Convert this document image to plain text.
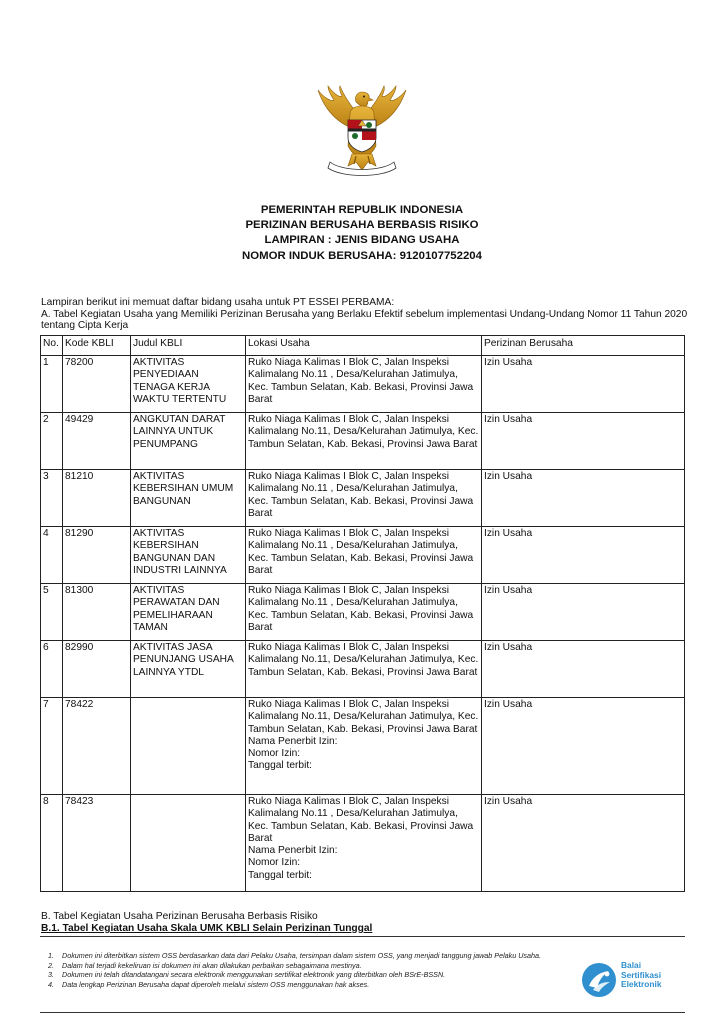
PEMERINTAH REPUBLIK INDONESIA
PERIZINAN BERUSAHA BERBASIS RISIKO
LAMPIRAN : JENIS BIDANG USAHA
NOMOR INDUK BERUSAHA: 9120107752204
Lampiran berikut ini memuat daftar bidang usaha untuk PT ESSEI PERBAMA:
A. Tabel Kegiatan Usaha yang Memiliki Perizinan Berusaha yang Berlaku Efektif sebelum implementasi Undang-Undang Nomor 11 Tahun 2020 tentang Cipta Kerja
No.	Kode KBLI	Judul KBLI	Lokasi Usaha	Perizinan Berusaha
1	78200	AKTIVITAS PENYEDIAAN TENAGA KERJA WAKTU TERTENTU	Ruko Niaga Kalimas I Blok C, Jalan Inspeksi Kalimalang No.11 , Desa/Kelurahan Jatimulya, Kec. Tambun Selatan, Kab. Bekasi, Provinsi Jawa Barat	Izin Usaha
2	49429	ANGKUTAN DARAT LAINNYA UNTUK PENUMPANG	Ruko Niaga Kalimas I Blok C, Jalan Inspeksi Kalimalang No.11, Desa/Kelurahan Jatimulya, Kec. Tambun Selatan, Kab. Bekasi, Provinsi Jawa Barat	Izin Usaha
3	81210	AKTIVITAS KEBERSIHAN UMUM BANGUNAN	Ruko Niaga Kalimas I Blok C, Jalan Inspeksi Kalimalang No.11 , Desa/Kelurahan Jatimulya, Kec. Tambun Selatan, Kab. Bekasi, Provinsi Jawa Barat	Izin Usaha
4	81290	AKTIVITAS KEBERSIHAN BANGUNAN DAN INDUSTRI LAINNYA	Ruko Niaga Kalimas I Blok C, Jalan Inspeksi Kalimalang No.11 , Desa/Kelurahan Jatimulya, Kec. Tambun Selatan, Kab. Bekasi, Provinsi Jawa Barat	Izin Usaha
5	81300	AKTIVITAS PERAWATAN DAN PEMELIHARAAN TAMAN	Ruko Niaga Kalimas I Blok C, Jalan Inspeksi Kalimalang No.11 , Desa/Kelurahan Jatimulya, Kec. Tambun Selatan, Kab. Bekasi, Provinsi Jawa Barat	Izin Usaha
6	82990	AKTIVITAS JASA PENUNJANG USAHA LAINNYA YTDL	Ruko Niaga Kalimas I Blok C, Jalan Inspeksi Kalimalang No.11, Desa/Kelurahan Jatimulya, Kec. Tambun Selatan, Kab. Bekasi, Provinsi Jawa Barat	Izin Usaha
7	78422		Ruko Niaga Kalimas I Blok C, Jalan Inspeksi Kalimalang No.11, Desa/Kelurahan Jatimulya, Kec. Tambun Selatan, Kab. Bekasi, Provinsi Jawa Barat
Nama Penerbit Izin:
Nomor Izin:
Tanggal terbit:	Izin Usaha
8	78423		Ruko Niaga Kalimas I Blok C, Jalan Inspeksi Kalimalang No.11 , Desa/Kelurahan Jatimulya, Kec. Tambun Selatan, Kab. Bekasi, Provinsi Jawa Barat
Nama Penerbit Izin:
Nomor Izin:
Tanggal terbit:	Izin Usaha
B. Tabel Kegiatan Usaha Perizinan Berusaha Berbasis Risiko
B.1. Tabel Kegiatan Usaha Skala UMK KBLI Selain Perizinan Tunggal
1. Dokumen ini diterbitkan sistem OSS berdasarkan data dari Pelaku Usaha, tersimpan dalam sistem OSS, yang menjadi tanggung jawab Pelaku Usaha.
2. Dalam hal terjadi kekeliruan isi dokumen ini akan dilakukan perbaikan sebagaimana mestinya.
3. Dokumen ini telah ditandatangani secara elektronik menggunakan sertifikat elektronik yang diterbitkan oleh BSrE-BSSN.
4. Data lengkap Perizinan Berusaha dapat diperoleh melalui sistem OSS menggunakan hak akses.
Balai
Sertifikasi
Elektronik
